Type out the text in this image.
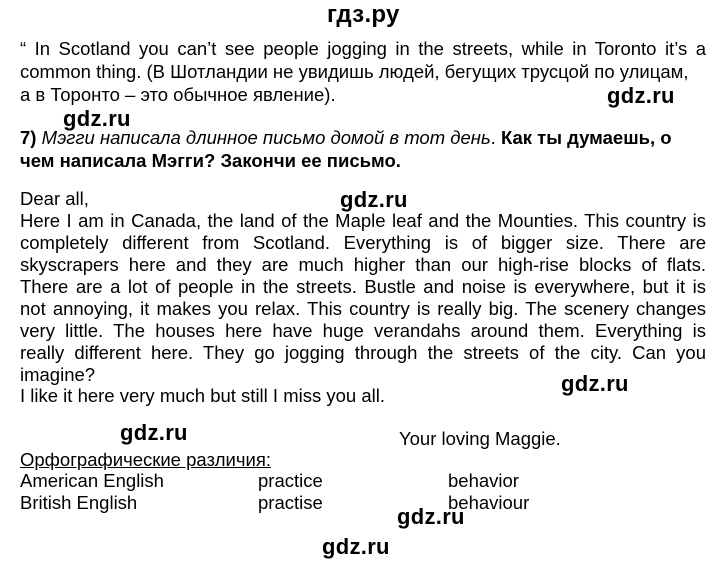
гдз.ру
“ In Scotland you can’t see people jogging in the streets, while in Toronto it’s a
common thing. (В Шотландии не увидишь людей, бегущих трусцой по улицам,
а в Торонто – это обычное явление).	gdz.ru
gdz.ru
7) Мэгги написала длинное письмо домой в тот день. Как ты думаешь, о
чем написала Мэгги? Закончи ее письмо.
Dear all,	gdz.ru
Here I am in Canada, the land of the Maple leaf and the Mounties. This country is
completely different from Scotland. Everything is of bigger size. There are
skyscrapers here and they are much higher than our high-rise blocks of flats.
There are a lot of people in the streets. Bustle and noise is everywhere, but it is
not annoying, it makes you relax. This country is really big. The scenery changes
very little. The houses here have huge verandahs around them. Everything is
really different here. They go jogging through the streets of the city. Can you
imagine?
I like it here very much but still I miss you all.	gdz.ru
gdz.ru	Your loving Maggie.
Орфографические различия:
American English	practice	behavior
British English	practise	behaviour
gdz.ru
gdz.ru
